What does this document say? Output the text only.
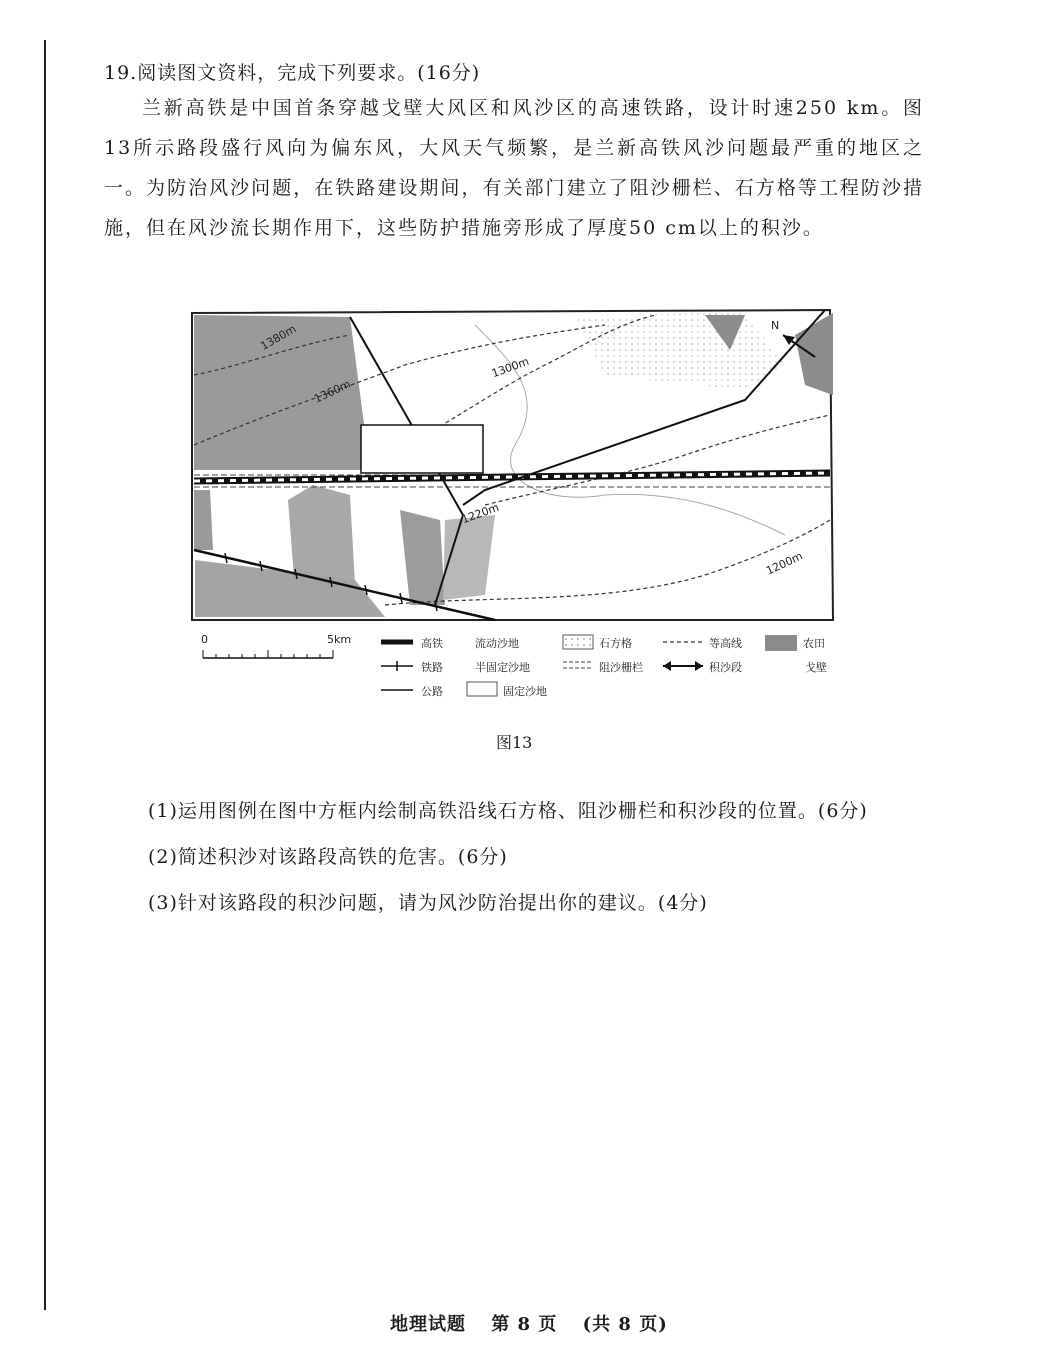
19.阅读图文资料，完成下列要求。(16分)
兰新高铁是中国首条穿越戈壁大风区和风沙区的高速铁路，设计时速250 km。图13所示路段盛行风向为偏东风，大风天气频繁，是兰新高铁风沙问题最严重的地区之一。为防治风沙问题，在铁路建设期间，有关部门建立了阻沙栅栏、石方格等工程防沙措施，但在风沙流长期作用下，这些防护措施旁形成了厚度50 cm以上的积沙。
1380m
1360m
1300m
1220m
1200m
N
0	5km	高铁
铁路
公路
流动沙地
半固定沙地
固定沙地
石方格
阻沙栅栏
等高线
积沙段
农田
戈壁
图13
(1)运用图例在图中方框内绘制高铁沿线石方格、阻沙栅栏和积沙段的位置。(6分)
(2)简述积沙对该路段高铁的危害。(6分)
(3)针对该路段的积沙问题，请为风沙防治提出你的建议。(4分)
地理试题 第 8 页 (共 8 页)
